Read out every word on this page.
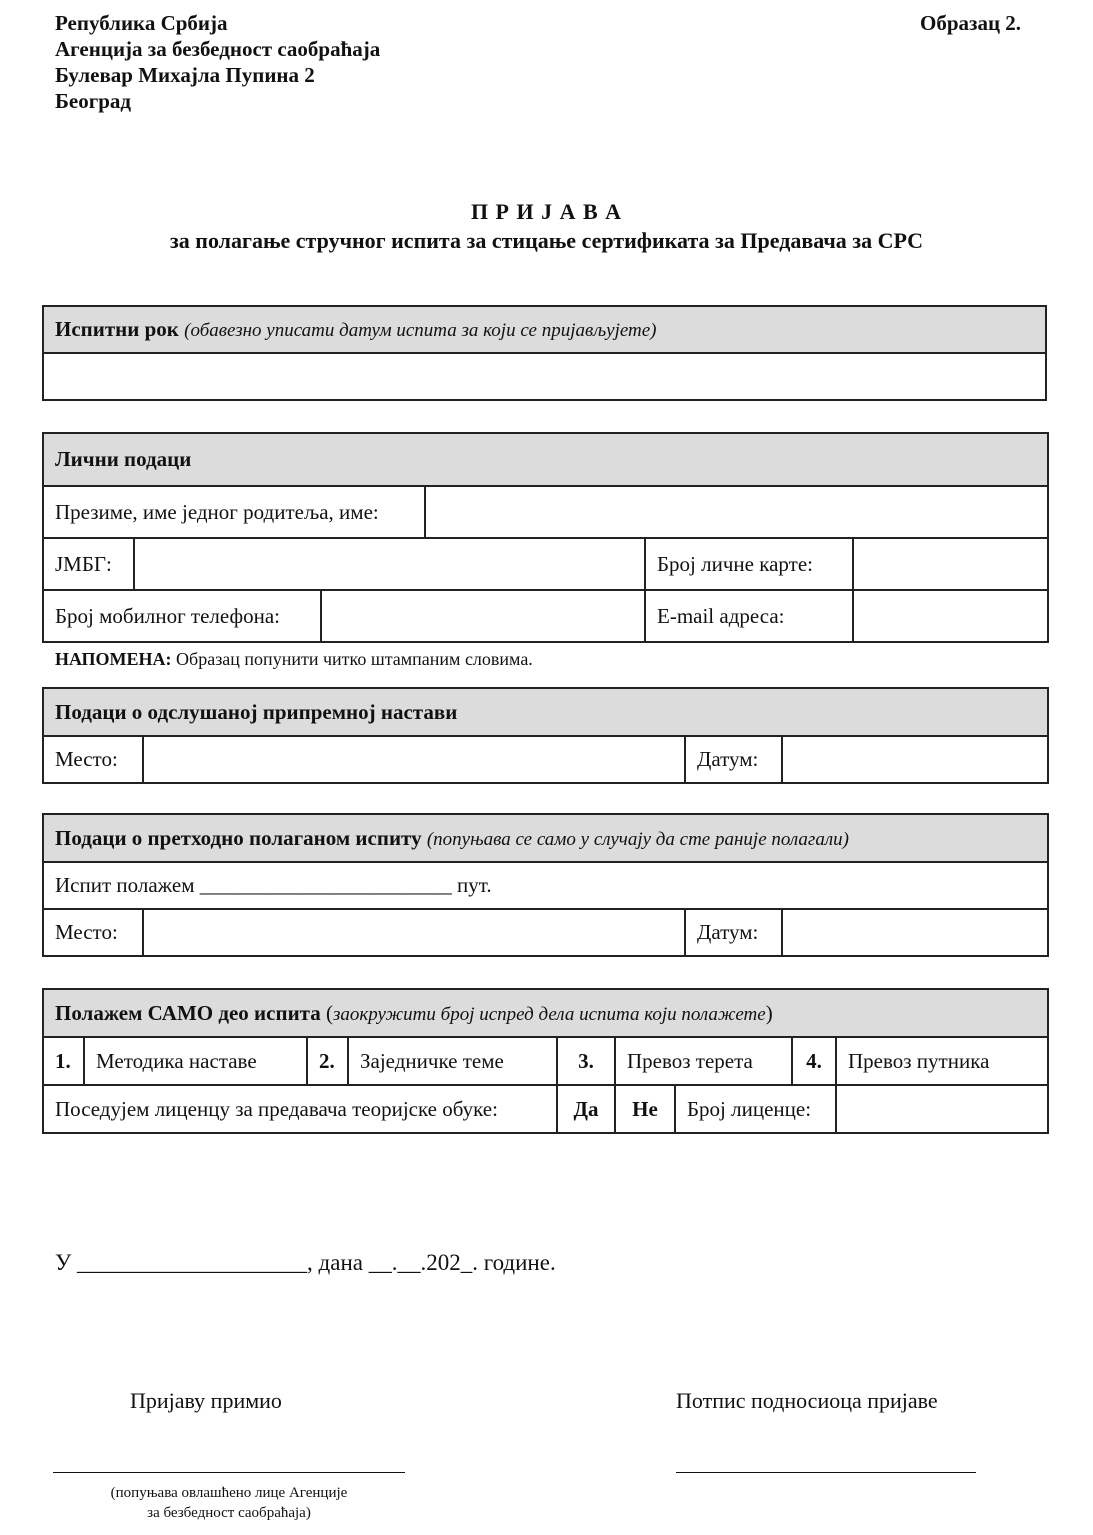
Република Србија
Агенција за безбедност саобраћаја
Булевар Михајла Пупина 2
Београд
Образац 2.
П Р И Ј А В А
за полагање стручног испита за стицање сертификата за Предавача за СРС
Испитни рок (обавезно уписати датум испита за који се пријављујете)

Лични подаци					
Презиме, име једног родитеља, име:					
ЈМБГ:				Број личне карте:	
Број мобилног телефона:				E-mail адреса:	
НАПОМЕНА: Образац попунити читко штампаним словима.
Подаци о одслушаној припремној настави
Место:		Датум:	
Подаци о претходно полаганом испиту (попуњава се само у случају да сте раније полагали)
Испит полажем ________________________ пут.
Место:		Датум:	
Полажем САМО део испита (заокружити број испред дела испита који полажете)								
1.	Методика наставе	2.	Заједничке теме	3.	Превоз терета		4.	Превоз путника
Поседујем лиценцу за предавача теоријске обуке:				Да	Не	Број лиценце:		
У ____________________, дана __.__.202_. године.
Пријаву примио	Потпис подносиоца пријаве
(попуњава овлашћено лице Агенције
за безбедност саобраћаја)
